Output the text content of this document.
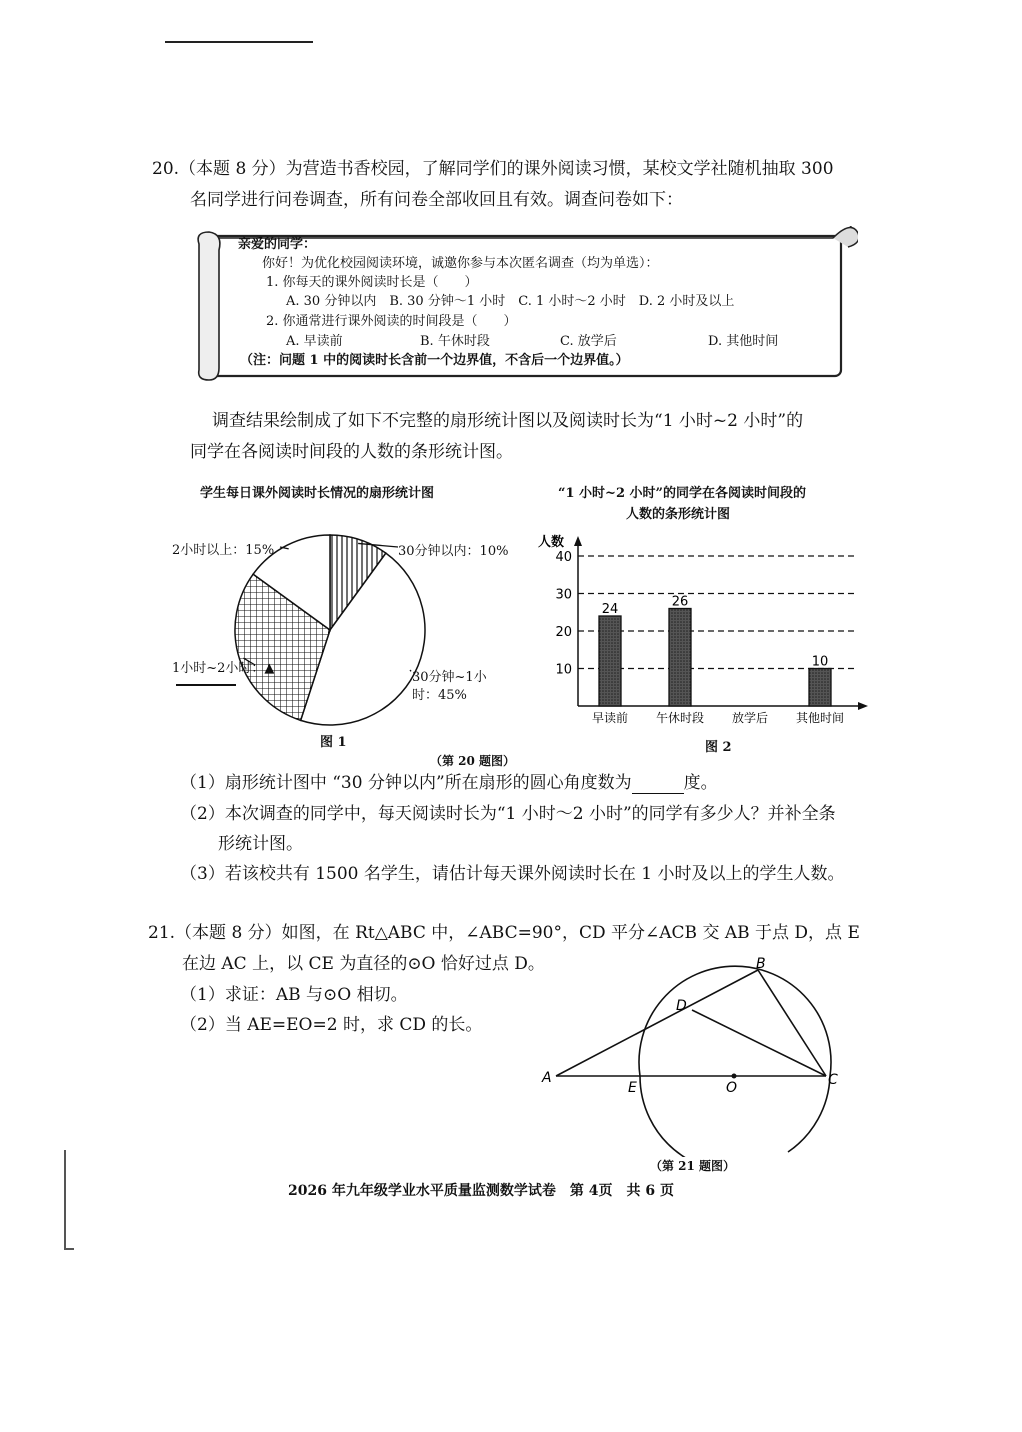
20.（本题 8 分）为营造书香校园，了解同学们的课外阅读习惯，某校文学社随机抽取 300
名同学进行问卷调查，所有问卷全部收回且有效。调查问卷如下：
亲爱的同学：
你好！为优化校园阅读环境，诚邀你参与本次匿名调查（均为单选）：
1. 你每天的课外阅读时长是（　　）
A. 30 分钟以内　B. 30 分钟～1 小时　C. 1 小时～2 小时　D. 2 小时及以上
2. 你通常进行课外阅读的时间段是（　　）
A. 早读前	B. 午休时段	C. 放学后	D. 其他时间
（注：问题 1 中的阅读时长含前一个边界值，不含后一个边界值。）
调查结果绘制成了如下不完整的扇形统计图以及阅读时长为“1 小时~2 小时”的
同学在各阅读时间段的人数的条形统计图。
学生每日课外阅读时长情况的扇形统计图
2小时以上：15%	30分钟以内：10%
1小时~2小时：▲
30分钟~1小时：45%
图 1
“1 小时~2 小时”的同学在各阅读时间段的
人数的条形统计图
人数
10
20
30
40
24
早读前
26
午休时段 放学后
10
其他时间
图 2
（第 20 题图）
（1）扇形统计图中 “30 分钟以内”所在扇形的圆心角度数为	度。
（2）本次调查的同学中，每天阅读时长为“1 小时～2 小时”的同学有多少人？并补全条
形统计图。
（3）若该校共有 1500 名学生，请估计每天课外阅读时长在 1 小时及以上的学生人数。
21.（本题 8 分）如图，在 Rt△ABC 中，∠ABC=90°，CD 平分∠ACB 交 AB 于点 D，点 E
在边 AC 上，以 CE 为直径的⊙O 恰好过点 D。
（1）求证：AB 与⊙O 相切。
（2）当 AE=EO=2 时，求 CD 的长。
A
B
C
D
E	O
（第 21 题图）
2026 年九年级学业水平质量监测数学试卷　第 4页　共 6 页
